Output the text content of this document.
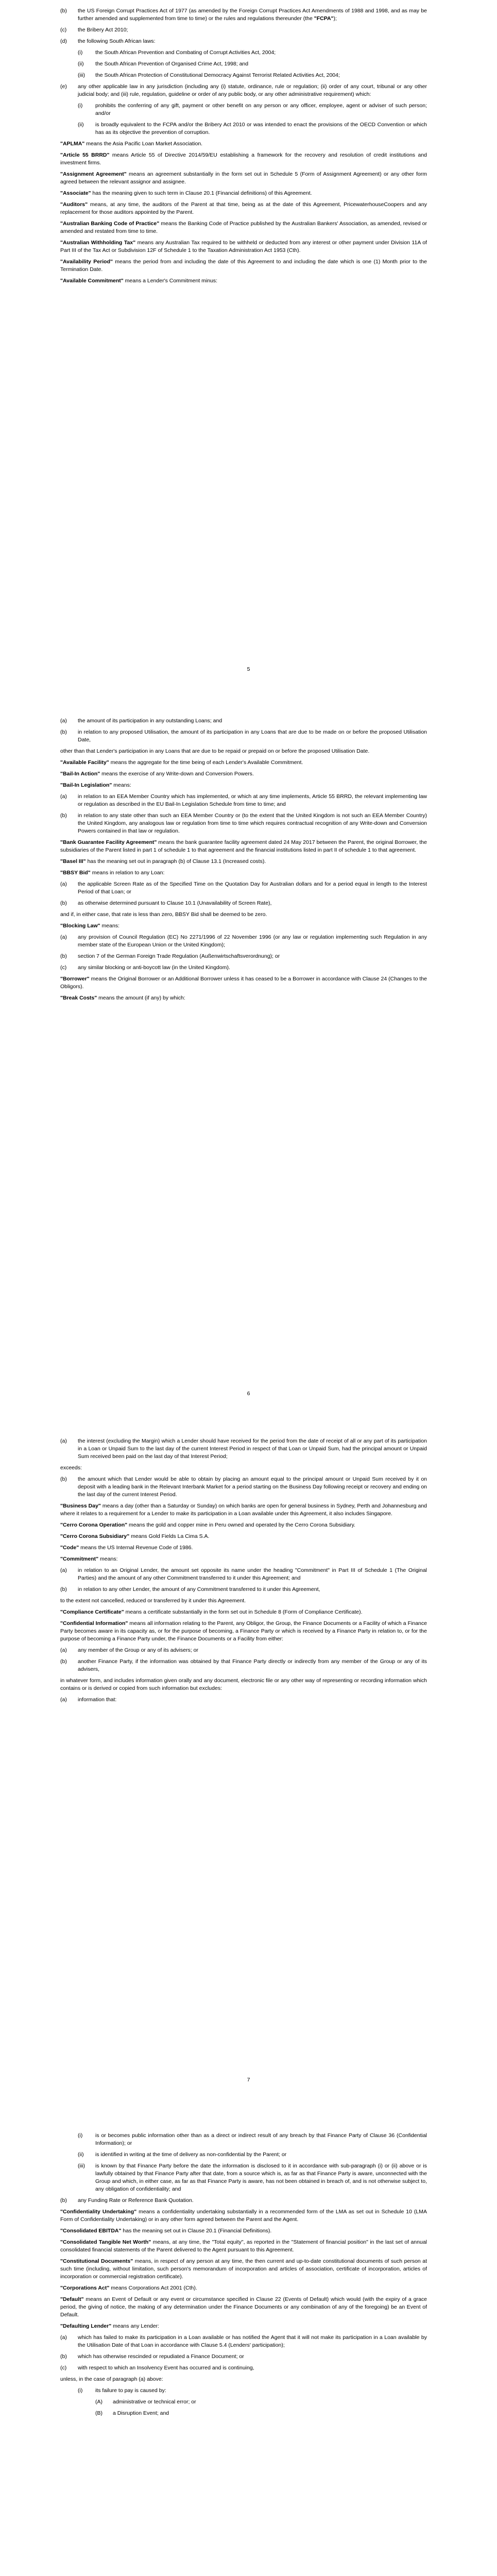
(b) the US Foreign Corrupt Practices Act of 1977 (as amended by the Foreign Corrupt Practices Act Amendments of 1988 and 1998, and as may be further amended and supplemented from time to time) or the rules and regulations thereunder (the "FCPA");
(c) the Bribery Act 2010;
(d) the following South African laws:
(i) the South African Prevention and Combating of Corrupt Activities Act, 2004;
(ii) the South African Prevention of Organised Crime Act, 1998; and
(iii) the South African Protection of Constitutional Democracy Against Terrorist Related Activities Act, 2004;
(e) any other applicable law in any jurisdiction (including any (i) statute, ordinance, rule or regulation; (ii) order of any court, tribunal or any other judicial body; and (iii) rule, regulation, guideline or order of any public body, or any other administrative requirement) which:
(i) prohibits the conferring of any gift, payment or other benefit on any person or any officer, employee, agent or adviser of such person; and/or
(ii) is broadly equivalent to the FCPA and/or the Bribery Act 2010 or was intended to enact the provisions of the OECD Convention or which has as its objective the prevention of corruption.

"APLMA" means the Asia Pacific Loan Market Association.

"Article 55 BRRD" means Article 55 of Directive 2014/59/EU establishing a framework for the recovery and resolution of credit institutions and investment firms.

"Assignment Agreement" means an agreement substantially in the form set out in Schedule 5 (Form of Assignment Agreement) or any other form agreed between the relevant assignor and assignee.

"Associate" has the meaning given to such term in Clause 20.1 (Financial definitions) of this Agreement.

"Auditors" means, at any time, the auditors of the Parent at that time, being as at the date of this Agreement, PricewaterhouseCoopers and any replacement for those auditors appointed by the Parent.

"Australian Banking Code of Practice" means the Banking Code of Practice published by the Australian Bankers' Association, as amended, revised or amended and restated from time to time.

"Australian Withholding Tax" means any Australian Tax required to be withheld or deducted from any interest or other payment under Division 11A of Part III of the Tax Act or Subdivision 12F of Schedule 1 to the Taxation Administration Act 1953 (Cth).

"Availability Period" means the period from and including the date of this Agreement to and including the date which is one (1) Month prior to the Termination Date.

"Available Commitment" means a Lender's Commitment minus:

5
(a) the amount of its participation in any outstanding Loans; and
(b) in relation to any proposed Utilisation, the amount of its participation in any Loans that are due to be made on or before the proposed Utilisation Date,

other than that Lender's participation in any Loans that are due to be repaid or prepaid on or before the proposed Utilisation Date.

"Available Facility" means the aggregate for the time being of each Lender's Available Commitment.

"Bail-In Action" means the exercise of any Write-down and Conversion Powers.

"Bail-In Legislation" means:

(a) in relation to an EEA Member Country which has implemented, or which at any time implements, Article 55 BRRD, the relevant implementing law or regulation as described in the EU Bail-In Legislation Schedule from time to time; and
(b) in relation to any state other than such an EEA Member Country or (to the extent that the United Kingdom is not such an EEA Member Country) the United Kingdom, any analogous law or regulation from time to time which requires contractual recognition of any Write-down and Conversion Powers contained in that law or regulation.

"Bank Guarantee Facility Agreement" means the bank guarantee facility agreement dated 24 May 2017 between the Parent, the original Borrower, the subsidiaries of the Parent listed in part 1 of schedule 1 to that agreement and the financial institutions listed in part II of schedule 1 to that agreement.

"Basel III" has the meaning set out in paragraph (b) of Clause 13.1 (Increased costs).

"BBSY Bid" means in relation to any Loan:

(a) the applicable Screen Rate as of the Specified Time on the Quotation Day for Australian dollars and for a period equal in length to the Interest Period of that Loan; or
(b) as otherwise determined pursuant to Clause 10.1 (Unavailability of Screen Rate),

and if, in either case, that rate is less than zero, BBSY Bid shall be deemed to be zero.

"Blocking Law" means:

(a) any provision of Council Regulation (EC) No 2271/1996 of 22 November 1996 (or any law or regulation implementing such Regulation in any member state of the European Union or the United Kingdom);
(b) section 7 of the German Foreign Trade Regulation (Außenwirtschaftsverordnung); or
(c) any similar blocking or anti-boycott law (in the United Kingdom).

"Borrower" means the Original Borrower or an Additional Borrower unless it has ceased to be a Borrower in accordance with Clause 24 (Changes to the Obligors).

"Break Costs" means the amount (if any) by which:

6
(a) the interest (excluding the Margin) which a Lender should have received for the period from the date of receipt of all or any part of its participation in a Loan or Unpaid Sum to the last day of the current Interest Period in respect of that Loan or Unpaid Sum, had the principal amount or Unpaid Sum received been paid on the last day of that Interest Period;

exceeds:

(b) the amount which that Lender would be able to obtain by placing an amount equal to the principal amount or Unpaid Sum received by it on deposit with a leading bank in the Relevant Interbank Market for a period starting on the Business Day following receipt or recovery and ending on the last day of the current Interest Period.

"Business Day" means a day (other than a Saturday or Sunday) on which banks are open for general business in Sydney, Perth and Johannesburg and where it relates to a requirement for a Lender to make its participation in a Loan available under this Agreement, it also includes Singapore.

"Cerro Corona Operation" means the gold and copper mine in Peru owned and operated by the Cerro Corona Subsidiary.

"Cerro Corona Subsidiary" means Gold Fields La Cima S.A.

"Code" means the US Internal Revenue Code of 1986.

"Commitment" means:

(a) in relation to an Original Lender, the amount set opposite its name under the heading "Commitment" in Part III of Schedule 1 (The Original Parties) and the amount of any other Commitment transferred to it under this Agreement; and
(b) in relation to any other Lender, the amount of any Commitment transferred to it under this Agreement,

to the extent not cancelled, reduced or transferred by it under this Agreement.

"Compliance Certificate" means a certificate substantially in the form set out in Schedule 8 (Form of Compliance Certificate).

"Confidential Information" means all information relating to the Parent, any Obligor, the Group, the Finance Documents or a Facility of which a Finance Party becomes aware in its capacity as, or for the purpose of becoming, a Finance Party or which is received by a Finance Party in relation to, or for the purpose of becoming a Finance Party under, the Finance Documents or a Facility from either:

(a) any member of the Group or any of its advisers; or
(b) another Finance Party, if the information was obtained by that Finance Party directly or indirectly from any member of the Group or any of its advisers,

in whatever form, and includes information given orally and any document, electronic file or any other way of representing or recording information which contains or is derived or copied from such information but excludes:

(a) information that:
7
(i) is or becomes public information other than as a direct or indirect result of any breach by that Finance Party of Clause 36 (Confidential Information); or
(ii) is identified in writing at the time of delivery as non-confidential by the Parent; or
(iii) is known by that Finance Party before the date the information is disclosed to it in accordance with sub-paragraph (i) or (ii) above or is lawfully obtained by that Finance Party after that date, from a source which is, as far as that Finance Party is aware, unconnected with the Group and which, in either case, as far as that Finance Party is aware, has not been obtained in breach of, and is not otherwise subject to, any obligation of confidentiality; and
(b) any Funding Rate or Reference Bank Quotation.

"Confidentiality Undertaking" means a confidentiality undertaking substantially in a recommended form of the LMA as set out in Schedule 10 (LMA Form of Confidentiality Undertaking) or in any other form agreed between the Parent and the Agent.

"Consolidated EBITDA" has the meaning set out in Clause 20.1 (Financial Definitions).

"Consolidated Tangible Net Worth" means, at any time, the "Total equity", as reported in the "Statement of financial position" in the last set of annual consolidated financial statements of the Parent delivered to the Agent pursuant to this Agreement.

"Constitutional Documents" means, in respect of any person at any time, the then current and up-to-date constitutional documents of such person at such time (including, without limitation, such person's memorandum of incorporation and articles of association, certificate of incorporation, articles of incorporation or commercial registration certificate).

"Corporations Act" means Corporations Act 2001 (Cth).

"Default" means an Event of Default or any event or circumstance specified in Clause 22 (Events of Default) which would (with the expiry of a grace period, the giving of notice, the making of any determination under the Finance Documents or any combination of any of the foregoing) be an Event of Default.

"Defaulting Lender" means any Lender:

(a) which has failed to make its participation in a Loan available or has notified the Agent that it will not make its participation in a Loan available by the Utilisation Date of that Loan in accordance with Clause 5.4 (Lenders' participation);
(b) which has otherwise rescinded or repudiated a Finance Document; or
(c) with respect to which an Insolvency Event has occurred and is continuing,

unless, in the case of paragraph (a) above:

(i) its failure to pay is caused by:
(A) administrative or technical error; or
(B) a Disruption Event; and
